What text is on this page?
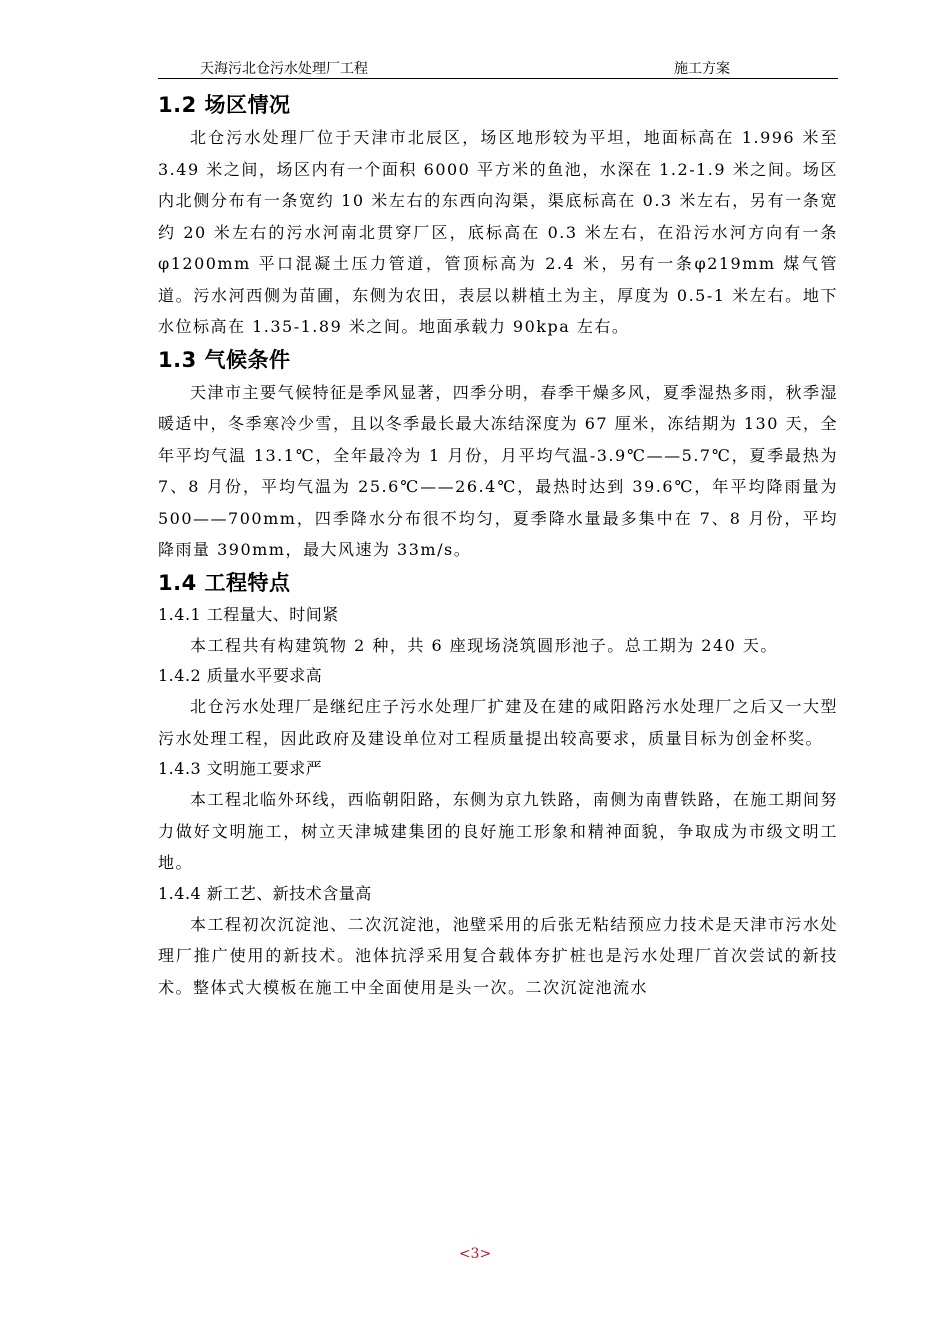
天海污北仓污水处理厂工程	施工方案
1.2 场区情况

北仓污水处理厂位于天津市北辰区，场区地形较为平坦，地面标高在 1.996 米至 3.49 米之间，场区内有一个面积 6000 平方米的鱼池，水深在 1.2-1.9 米之间。场区内北侧分布有一条宽约 10 米左右的东西向沟渠，渠底标高在 0.3 米左右，另有一条宽约 20 米左右的污水河南北贯穿厂区，底标高在 0.3 米左右，在沿污水河方向有一条φ1200mm 平口混凝土压力管道，管顶标高为 2.4 米，另有一条φ219mm 煤气管道。污水河西侧为苗圃，东侧为农田，表层以耕植土为主，厚度为 0.5-1 米左右。地下水位标高在 1.35-1.89 米之间。地面承载力 90kpa 左右。

1.3 气候条件

天津市主要气候特征是季风显著，四季分明，春季干燥多风，夏季湿热多雨，秋季湿暖适中，冬季寒冷少雪，且以冬季最长最大冻结深度为 67 厘米，冻结期为 130 天，全年平均气温 13.1℃，全年最冷为 1 月份，月平均气温-3.9℃——5.7℃，夏季最热为 7、8 月份，平均气温为 25.6℃——26.4℃，最热时达到 39.6℃，年平均降雨量为 500——700mm，四季降水分布很不均匀，夏季降水量最多集中在 7、8 月份，平均降雨量 390mm，最大风速为 33m/s。

1.4 工程特点

1.4.1 工程量大、时间紧

本工程共有构建筑物 2 种，共 6 座现场浇筑圆形池子。总工期为 240 天。

1.4.2 质量水平要求高

北仓污水处理厂是继纪庄子污水处理厂扩建及在建的咸阳路污水处理厂之后又一大型污水处理工程，因此政府及建设单位对工程质量提出较高要求，质量目标为创金杯奖。

1.4.3 文明施工要求严

本工程北临外环线，西临朝阳路，东侧为京九铁路，南侧为南曹铁路，在施工期间努力做好文明施工，树立天津城建集团的良好施工形象和精神面貌，争取成为市级文明工地。

1.4.4 新工艺、新技术含量高

本工程初次沉淀池、二次沉淀池，池壁采用的后张无粘结预应力技术是天津市污水处理厂推广使用的新技术。池体抗浮采用复合载体夯扩桩也是污水处理厂首次尝试的新技术。整体式大模板在施工中全面使用是头一次。二次沉淀池流水

<3>
